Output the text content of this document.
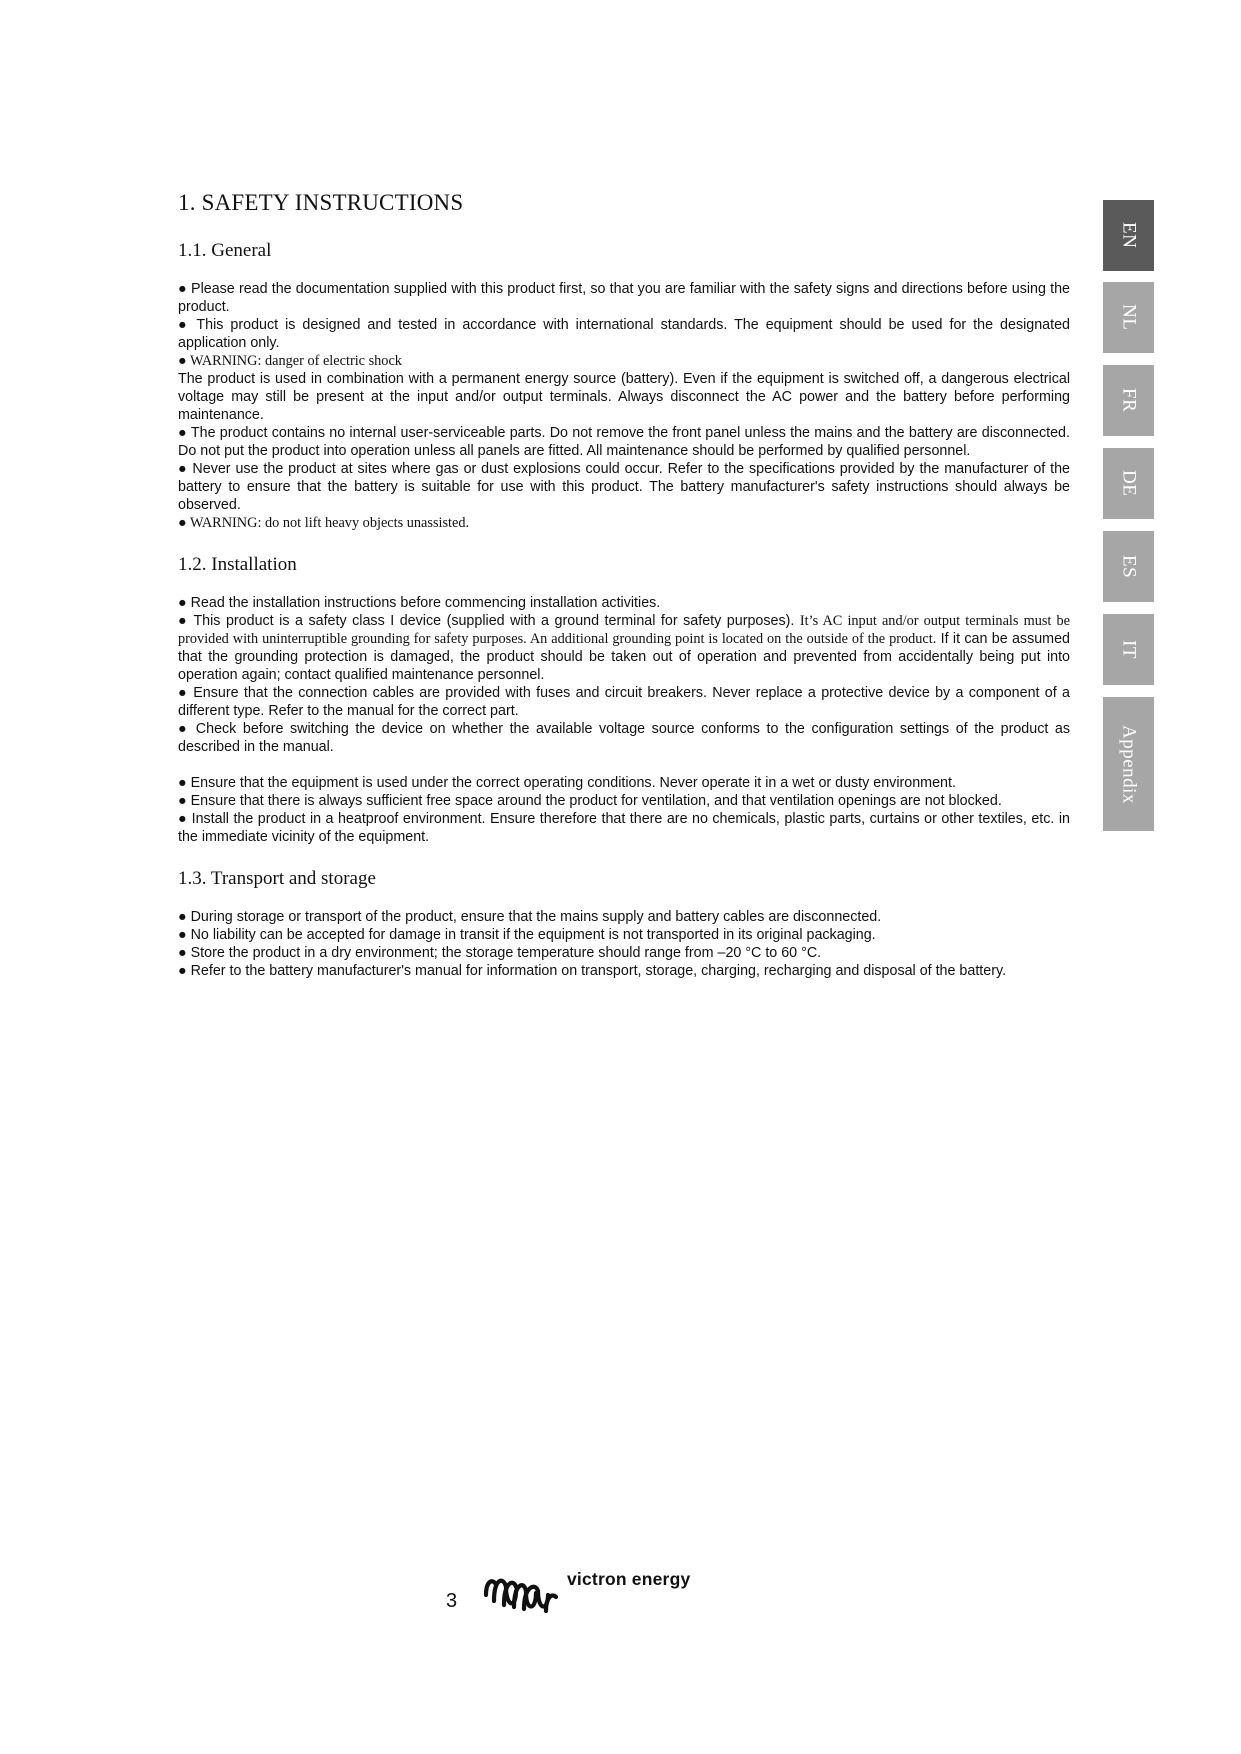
1. SAFETY INSTRUCTIONS
1.1. General

● Please read the documentation supplied with this product first, so that you are familiar with the safety signs and directions before using the product.

● This product is designed and tested in accordance with international standards. The equipment should be used for the designated application only.

● WARNING: danger of electric shock

The product is used in combination with a permanent energy source (battery). Even if the equipment is switched off, a dangerous electrical voltage may still be present at the input and/or output terminals. Always disconnect the AC power and the battery before performing maintenance.

● The product contains no internal user-serviceable parts. Do not remove the front panel unless the mains and the battery are disconnected. Do not put the product into operation unless all panels are fitted. All maintenance should be performed by qualified personnel.

● Never use the product at sites where gas or dust explosions could occur. Refer to the specifications provided by the manufacturer of the battery to ensure that the battery is suitable for use with this product. The battery manufacturer's safety instructions should always be observed.

● WARNING: do not lift heavy objects unassisted.

1.2. Installation

● Read the installation instructions before commencing installation activities.

● This product is a safety class I device (supplied with a ground terminal for safety purposes). It’s AC input and/or output terminals must be provided with uninterruptible grounding for safety purposes. An additional grounding point is located on the outside of the product. If it can be assumed that the grounding protection is damaged, the product should be taken out of operation and prevented from accidentally being put into operation again; contact qualified maintenance personnel.

● Ensure that the connection cables are provided with fuses and circuit breakers. Never replace a protective device by a component of a different type. Refer to the manual for the correct part.

● Check before switching the device on whether the available voltage source conforms to the configuration settings of the product as described in the manual.

● Ensure that the equipment is used under the correct operating conditions. Never operate it in a wet or dusty environment.

● Ensure that there is always sufficient free space around the product for ventilation, and that ventilation openings are not blocked.

● Install the product in a heatproof environment. Ensure therefore that there are no chemicals, plastic parts, curtains or other textiles, etc. in the immediate vicinity of the equipment.

1.3. Transport and storage

● During storage or transport of the product, ensure that the mains supply and battery cables are disconnected.

● No liability can be accepted for damage in transit if the equipment is not transported in its original packaging.

● Store the product in a dry environment; the storage temperature should range from –20 °C to 60 °C.

● Refer to the battery manufacturer's manual for information on transport, storage, charging, recharging and disposal of the battery.

EN
NL
FR
DE
ES
IT
Appendix
3
victron energy
